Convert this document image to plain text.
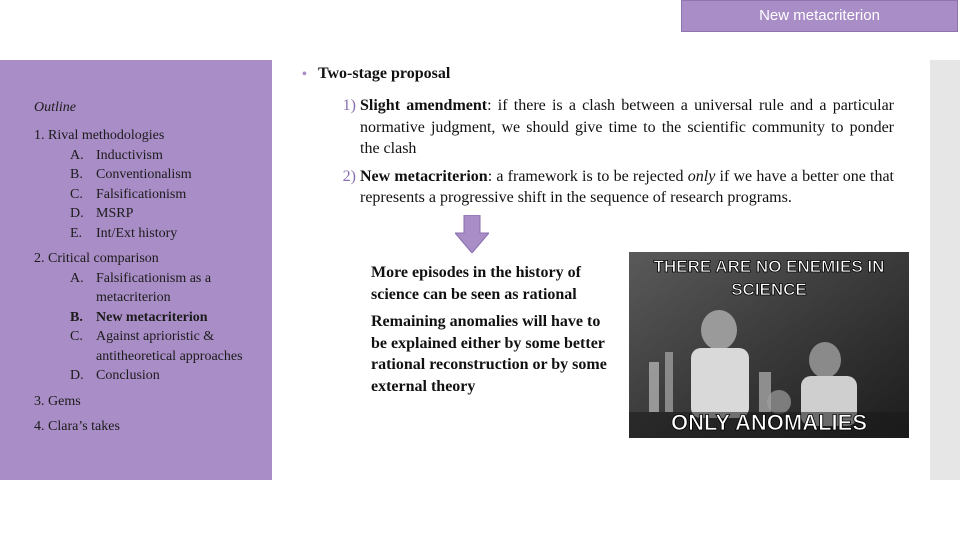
New metacriterion
Outline
1. Rival methodologies
A. Inductivism
B. Conventionalism
C. Falsificationism
D. MSRP
E. Int/Ext history
2. Critical comparison
A. Falsificationism as a metacriterion
B. New metacriterion
C. Against aprioristic & antitheoretical approaches
D. Conclusion
3. Gems
4. Clara’s takes
• Two-stage proposal
1) Slight amendment: if there is a clash between a universal rule and a particular normative judgment, we should give time to the scientific community to ponder the clash
2) New metacriterion: a framework is to be rejected only if we have a better one that represents a progressive shift in the sequence of research programs.

More episodes in the history of science can be seen as rational

Remaining anomalies will have to be explained either by some better rational reconstruction or by some external theory

THERE ARE NO ENEMIES IN
SCIENCE
ONLY ANOMALIES
